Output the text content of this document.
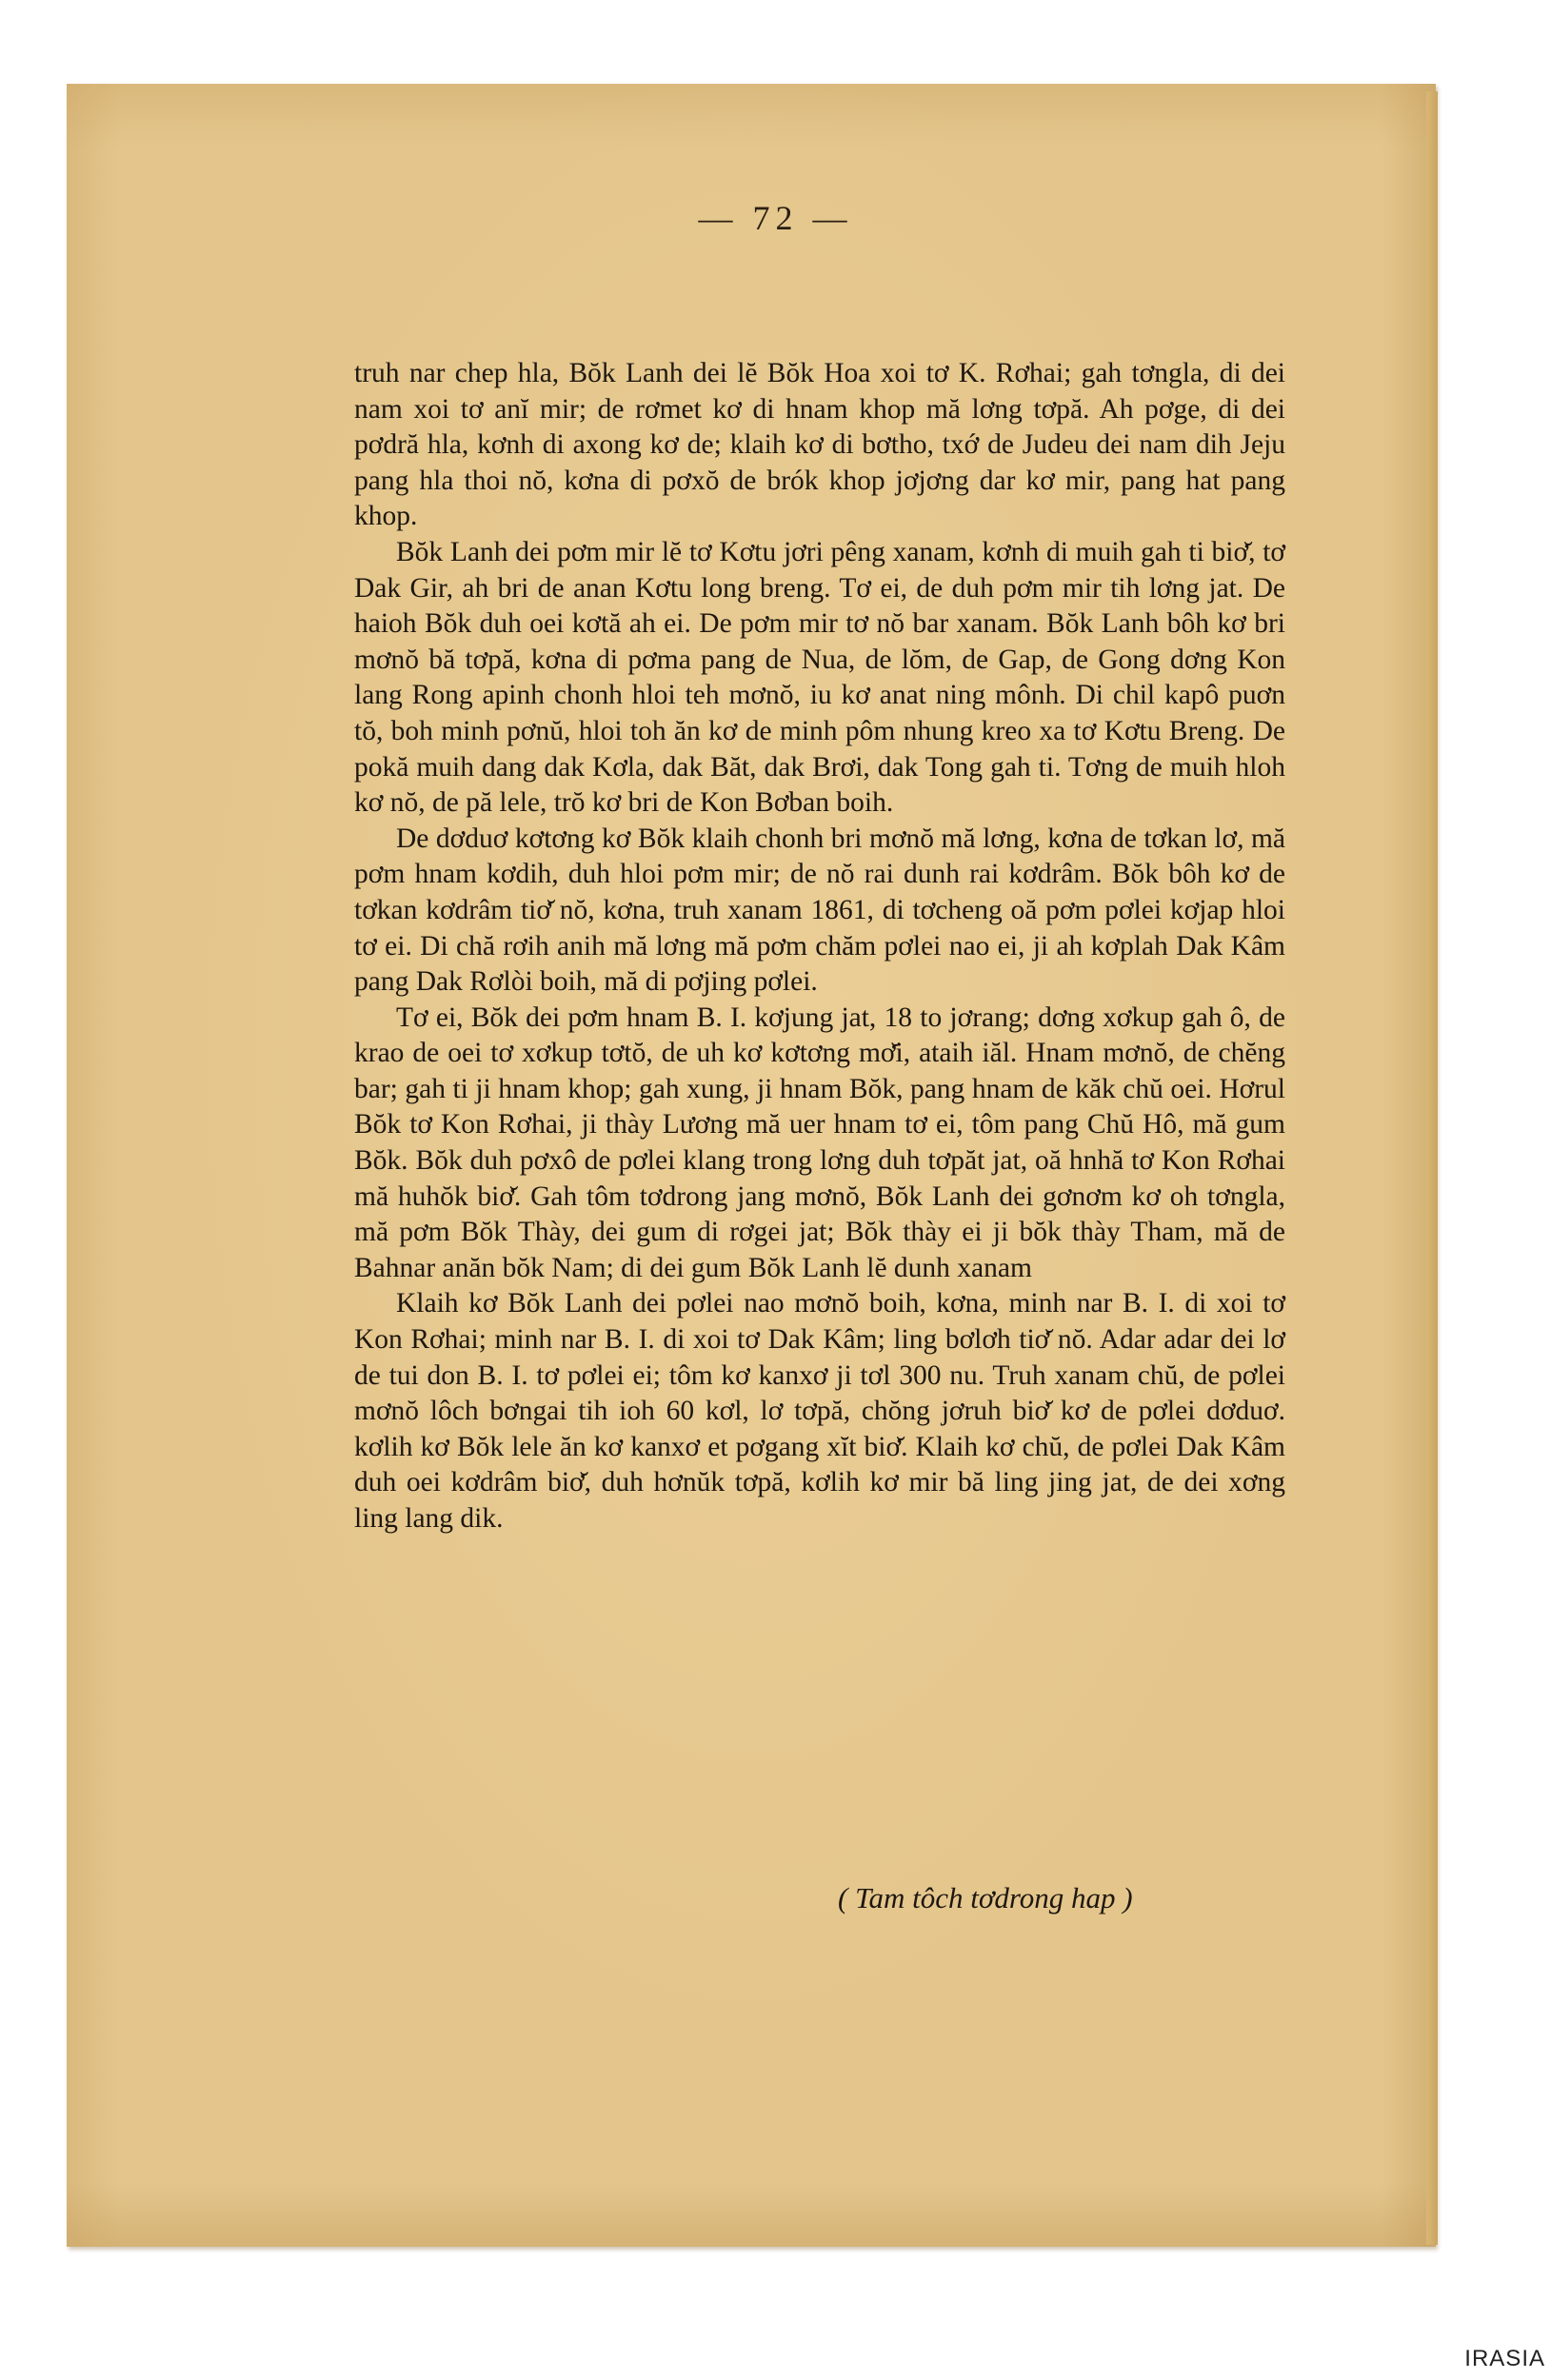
— 72 —

truh nar chep hla, Bŏk Lanh dei lĕ Bŏk Hoa xoi tơ K. Rơhai; gah tơngla, di dei nam xoi tơ anĭ mir; de rơmet kơ di hnam khop mă lơng tơpă. Ah pơge, di dei pơdră hla, kơnh di axong kơ de; klaih kơ di bơtho, txớ de Judeu dei nam dih Jeju pang hla thoi nŏ, kơna di pơxŏ de brók khop jơjơng dar kơ mir, pang hat pang khop.

Bŏk Lanh dei pơm mir lĕ tơ Kơtu jơri pêng xanam, kơnh di muih gah ti biơ̆, tơ Dak Gir, ah bri de anan Kơtu long breng. Tơ ei, de duh pơm mir tih lơng jat. De haioh Bŏk duh oei kơtă ah ei. De pơm mir tơ nŏ bar xanam. Bŏk Lanh bôh kơ bri mơnŏ bă tơpă, kơna di pơma pang de Nua, de lŏm, de Gap, de Gong dơng Kon lang Rong apinh chonh hloi teh mơnŏ, iu kơ anat ning mônh. Di chil kapô puơn tŏ, boh minh pơnŭ, hloi toh ăn kơ de minh pôm nhung kreo xa tơ Kơtu Breng. De pokă muih dang dak Kơla, dak Băt, dak Brơi, dak Tong gah ti. Tơng de muih hloh kơ nŏ, de pă lele, trŏ kơ bri de Kon Bơban boih.

De dơduơ kơtơng kơ Bŏk klaih chonh bri mơnŏ mă lơng, kơna de tơkan lơ, mă pơm hnam kơdih, duh hloi pơm mir; de nŏ rai dunh rai kơdrâm. Bŏk bôh kơ de tơkan kơdrâm tiơ̆ nŏ, kơna, truh xanam 1861, di tơcheng oă pơm pơlei kơjap hloi tơ ei. Di chă rơih anih mă lơng mă pơm chăm pơlei nao ei, ji ah kơplah Dak Kâm pang Dak Rơlòi boih, mă di pơjing pơlei.

Tơ ei, Bŏk dei pơm hnam B. I. kơjung jat, 18 to jơrang; dơng xơkup gah ô, de krao de oei tơ xơkup tơtŏ, de uh kơ kơtơng mơ̆i, ataih iăl. Hnam mơnŏ, de chĕng bar; gah ti ji hnam khop; gah xung, ji hnam Bŏk, pang hnam de kăk chŭ oei. Hơrul Bŏk tơ Kon Rơhai, ji thày Lương mă uer hnam tơ ei, tôm pang Chŭ Hô, mă gum Bŏk. Bŏk duh pơxô de pơlei klang trong lơng duh tơpăt jat, oă hnhă tơ Kon Rơhai mă huhŏk biơ̆. Gah tôm tơdrong jang mơnŏ, Bŏk Lanh dei gơnơm kơ oh tơngla, mă pơm Bŏk Thày, dei gum di rơgei jat; Bŏk thày ei ji bŏk thày Tham, mă de Bahnar anăn bŏk Nam; di dei gum Bŏk Lanh lĕ dunh xanam

Klaih kơ Bŏk Lanh dei pơlei nao mơnŏ boih, kơna, minh nar B. I. di xoi tơ Kon Rơhai; minh nar B. I. di xoi tơ Dak Kâm; ling bơlơh tiơ̆ nŏ. Adar adar dei lơ de tui don B. I. tơ pơlei ei; tôm kơ kanxơ ji tơl 300 nu. Truh xanam chŭ, de pơlei mơnŏ lôch bơngai tih ioh 60 kơl, lơ tơpă, chŏng jơruh biơ̆ kơ de pơlei dơduơ. kơlih kơ Bŏk lele ăn kơ kanxơ et pơgang xĭt biơ̆. Klaih kơ chŭ, de pơlei Dak Kâm duh oei kơdrâm biơ̆, duh hơnŭk tơpă, kơlih kơ mir bă ling jing jat, de dei xơng ling lang dik.

( Tam tôch tơdrong hap )
IRASIA
